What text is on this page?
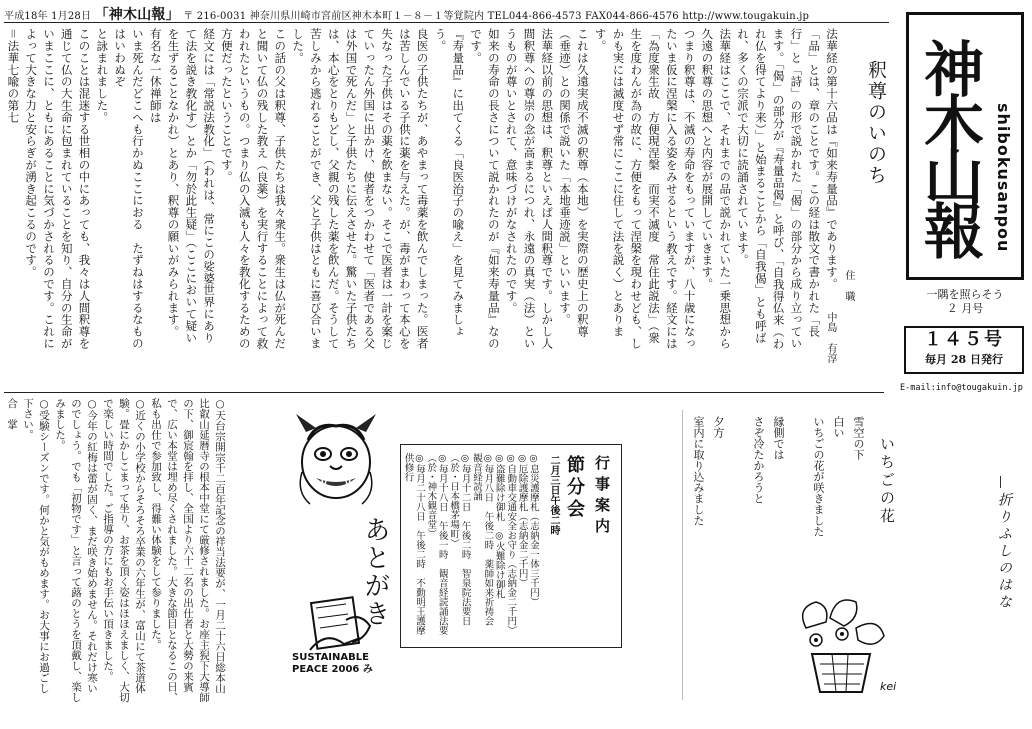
平成18年 1月28日 「神木山報」 〒 216-0031 神奈川県川崎市宮前区神木本町１－８－１等覚院内 TEL044-866-4573 FAX044-866-4576 http://www.tougakuin.jp
神木山報 shibokusanpou
一隅を照らそう
２ 月号
１４５号
毎月 28 日発行
E-mail:info@tougakuin.jp
釈尊のいのち
住 職
中島 有淳

法華経の第十六品は『如来寿量品』であります。

「品」とは、章のことです。この経は散文で書かれた「長行」と「詩」の形で説かれた「偈」の部分から成り立っています。「偈」の部分が『寿量品偈』と呼び、「自我得仏来（われ仏を得てより来）」と始まることから「自我偈」とも呼ばれ、多くの宗派で大切に読誦されています。

法華経はここで、それまでの品で説かれていた一乗思想から久遠の釈尊の思想へと内容が展開していきます。

つまり釈尊は、不滅の寿命をもっていますが、八十歳になったいま仮に涅槃に入る姿をみせるという教えです。経文には「為度衆生故　方便現涅槃　而実不滅度　常住此説法」（衆生を度わんが為の故に、方便をもって涅槃を現わせども、しかも実には滅度せず常にここに住して法を説く）とあります。

これは久遠実成不滅の釈尊（本地）を実際の歴史上の釈尊（垂迹）との関係で説いた「本地垂迹説」といいます。

法華経以前の思想は、釈尊といえば人間釈尊です。しかし人間釈尊への尊崇の念が高まるにつれ、永遠の真実（法）というものが尊いとされて、意味づけがなされたのです。

如来の寿命の長さについて説かれたのが『如来寿量品』なのです。

『寿量品』に出てくる「良医治子の喩え」を見てみましょう。

良医の子供たちが、あやまって毒薬を飲んでしまった。医者は苦しんでいる子供に薬を与えた。が、毒がまわって本心を失なった子供はその薬を飲まない。そこで医者は一計を案じていったん外国に出かけ、使者をつかわせて「医者である父は外国で死んだ」と子供たちに伝えさせた。驚いた子供たちは、本心をとりもどし、父親の残した薬を飲んだ。そうして苦しみから逃れることができ、父と子供はともに喜び合いました。

この話の父は釈尊、子供たちは我々衆生。衆生は仏が死んだと聞いて仏の残した教え（良薬）を実行することによって救われたというもの。つまり仏の入滅も人々を教化するための方便だったということです。

経文には「常説法教化」（われは、常にこの娑婆世界にありて法を説き教化す）とか「勿於此生疑」（ここにおいて疑いを生ずることなかれ）とあり、釈尊の願いがみられます。

有名な一休禅師は

いま死んだどこへも行かぬここにおる　たずねはするなものはいわぬぞ

と詠まれました。

このことは混迷する世相の中にあっても、我々は人間釈尊を通じて仏の大生命に包まれていることを知り、自分の生命がいまここに、ともにあることに気づかされるのです。これによって大きな力と安らぎが湧き起こるのです。

＝法華七喩の第七

SUSTAINABLE
PEACE 2006 み
あとがき

○天台宗開宗千二百年記念の祥当法要が、一月二十六日総本山比叡山延暦寺の根本中堂にて厳修されました。お座主猊下大導師の下、御宸翰を拝し、全国より六十二名の出仕者と大勢の来賓で、広い本堂は埋め尽くされました。大きな節目となるこの日、私も出仕で参加致し、得難い体験をして参りました。

○近くの小学校からそろそろ卒業の六年生が、富山にて茶道体験。畳にかしこまって坐り、お茶を頂く姿はほほえましく、大切で楽しい時間でした。ご指導の方にもお手伝い頂きました。

○今年の紅梅は蕾が固く、まだ咲き始めません。それだけ寒いのでしょう。でも「初物です」と言って蕗のとうを頂戴し、楽しみました。

○受験シーズンです。何かと気がもめます。お大事にお過ごし下さい。

合　掌

行事案内
節分会
二月三日午後二時

◎息災護摩札（志納金一体三千円）

◎厄除護摩札（志納金二千円）

◎自動車交通安全お守り（志納金二千円）

◎盗難除け御札　◎火難除け御札

◎毎月八日　午後二時　薬師如来祈祷会　観音経読誦

◎毎月十二日　午後二時　智泉院法要日（於・日本橋茅場町）

◎毎月十八日　午後一時　観音経読誦法要（於・神木観音堂）

◎毎月二十八日　午後二時　不動明王護摩供修行	いちごの花

雪空の下

白い

いちごの花が咲きました

縁側では

さぞ冷たかろうと

夕方

室内に取り込みました

折りふしのはな
kei
